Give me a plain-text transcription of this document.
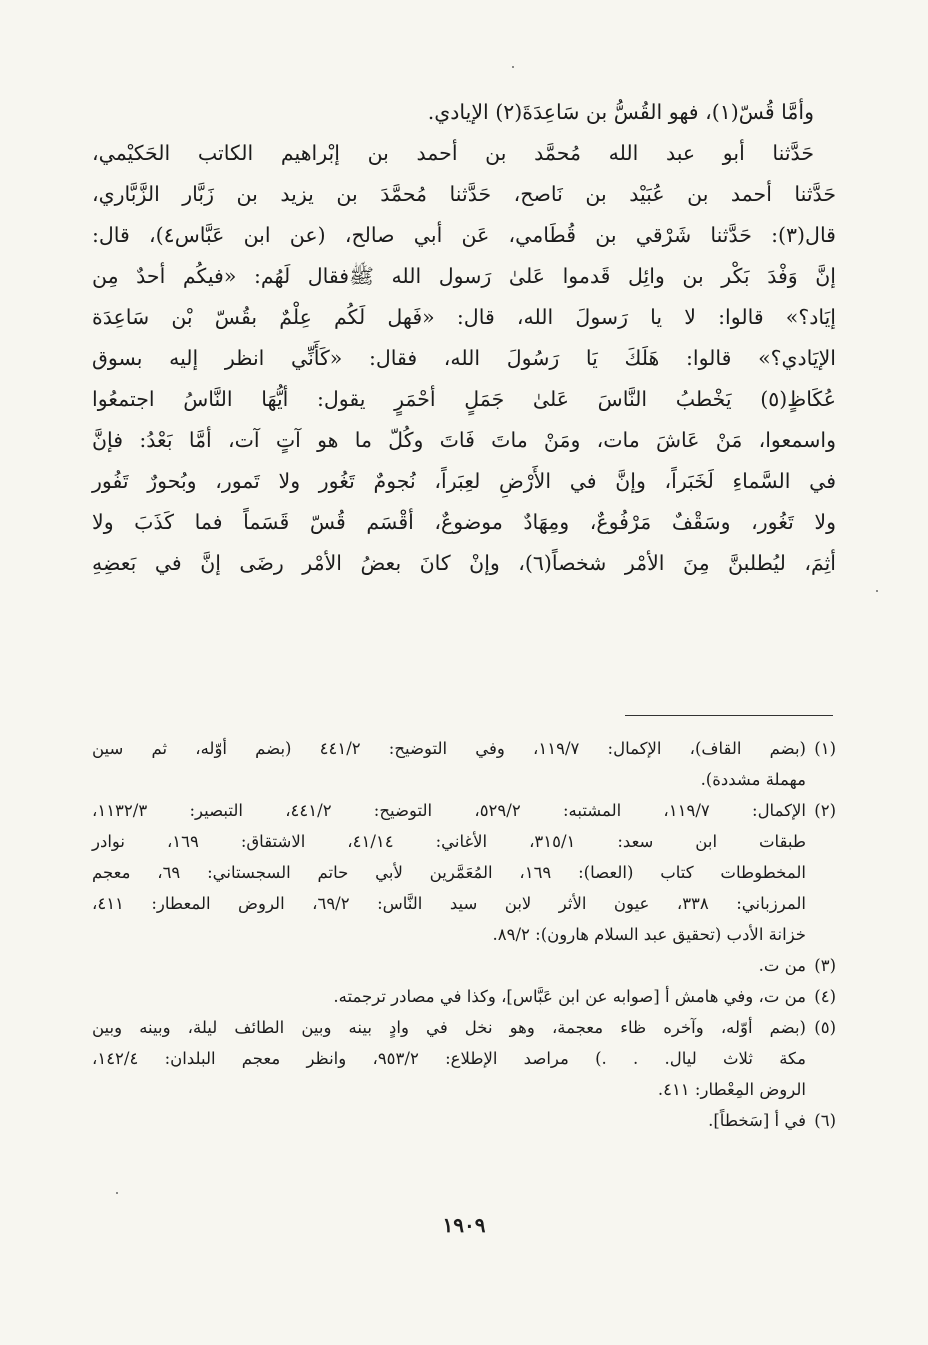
وأمَّا قُسّ(١)، فهو القُسُّ بن سَاعِدَةَ(٢) الإيادي.
حَدَّثنا أبو عبد الله مُحمَّد بن أحمد بن إبْراهيم الكاتب الحَكيْمي،
حَدَّثنا أحمد بن عُبَيْد بن نَاصح، حَدَّثنا مُحمَّدَ بن يزيد بن زَبَّار الزَّبَّاري،
قال(٣): حَدَّثنا شَرْقي بن قُطَامي، عَن أبي صالح، (عن ابن عَبَّاس٤)، قال:
إنَّ وَفْدَ بَكْر بن وائِل قَدموا عَلىٰ رَسول الله ﷺفقال لَهُم: «فيكُم أحدٌ مِن
إيَاد؟» قالوا: لا يا رَسولَ الله، قال: «فَهل لَكُم عِلْمٌ بقُسّ بْن سَاعِدَة
الإيَادي؟» قالوا: هَلَكَ يَا رَسُولَ الله، فقال: «كَأَنِّي انظر إليه بسوق
عُكَاظٍ(٥) يَخْطبُ النَّاسَ عَلىٰ جَمَلٍ أحْمَرٍ يقول: أيُّهَا النَّاسُ اجتمعُوا
واسمعوا، مَنْ عَاشَ مات، ومَنْ ماتَ فَاتَ وكُلّ ما هو آتٍ آت، أمَّا بَعْدُ: فإنَّ
في السَّماءِ لَخَبَراً، وإنَّ في الأَرْضِ لعِبَراً، نُجومٌ تَغُور ولا تَمور، وبُحورٌ تَفُور
ولا تَغُور، وسَقْفٌ مَرْفُوعٌ، ومِهَادٌ موضوعٌ، أقْسَم قُسّ قَسَماً فما كَذَبَ ولا
أثِمَ، ليُطلبنَّ مِنَ الأمْر شخصاً(٦)، وإنْ كانَ بعضُ الأمْر رضَى إنَّ في بَعضِهِ
(١)
(بضم القاف)، الإكمال: ١١٩/٧، وفي التوضيح: ٤٤١/٢ (بضم أوّله، ثم سين
مهملة مشددة).
(٢)
الإكمال: ١١٩/٧، المشتبه: ٥٢٩/٢، التوضيح: ٤٤١/٢، التبصير: ١١٣٢/٣،
طبقات ابن سعد: ٣١٥/١، الأغاني: ٤١/١٤، الاشتقاق: ١٦٩، نوادر
المخطوطات كتاب (العصا): ١٦٩، المُعَمَّرين لأبي حاتم السجستاني: ٦٩، معجم
المرزباني: ٣٣٨، عيون الأثر لابن سيد النَّاس: ٦٩/٢، الروض المعطار: ٤١١،
خزانة الأدب (تحقيق عبد السلام هارون): ٨٩/٢.
(٣)
من ت.
(٤)
من ت، وفي هامش أ [صوابه عن ابن عَبَّاس]، وكذا في مصادر ترجمته.
(٥)
(بضم أوّله، وآخره ظاء معجمة، وهو نخل في وادٍ بينه وبين الطائف ليلة، وبينه وبين
مكة ثلاث ليال. . .) مراصد الإطلاع: ٩٥٣/٢، وانظر معجم البلدان: ١٤٢/٤،
الروض المِعْطار: ٤١١.
(٦)
في أ [سَخطاً].
١٩٠٩
